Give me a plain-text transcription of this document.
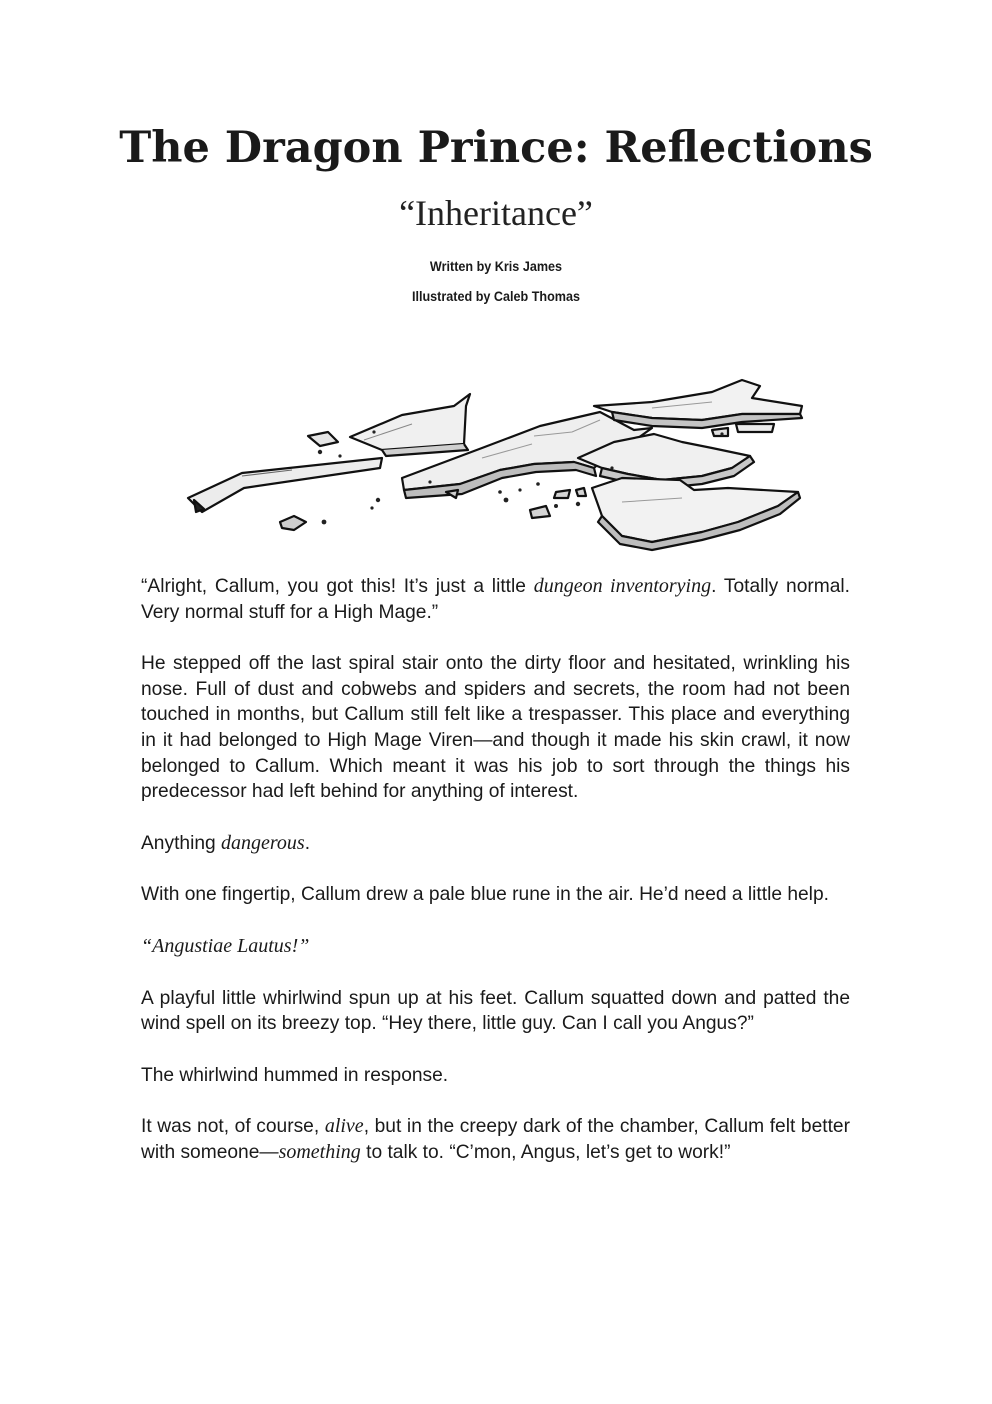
The Dragon Prince: Reflections
“Inheritance”
Written by Kris James
Illustrated by Caleb Thomas

“Alright, Callum, you got this! It’s just a little dungeon inventorying. Totally normal. Very normal stuff for a High Mage.”

He stepped off the last spiral stair onto the dirty floor and hesitated, wrinkling his nose. Full of dust and cobwebs and spiders and secrets, the room had not been touched in months, but Callum still felt like a trespasser. This place and everything in it had belonged to High Mage Viren—and though it made his skin crawl, it now belonged to Callum. Which meant it was his job to sort through the things his predecessor had left behind for anything of interest.

Anything dangerous.

With one fingertip, Callum drew a pale blue rune in the air. He’d need a little help.

“Angustiae Lautus!”

A playful little whirlwind spun up at his feet. Callum squatted down and patted the wind spell on its breezy top. “Hey there, little guy. Can I call you Angus?”

The whirlwind hummed in response.

It was not, of course, alive, but in the creepy dark of the chamber, Callum felt better with someone—something to talk to. “C’mon, Angus, let’s get to work!”
